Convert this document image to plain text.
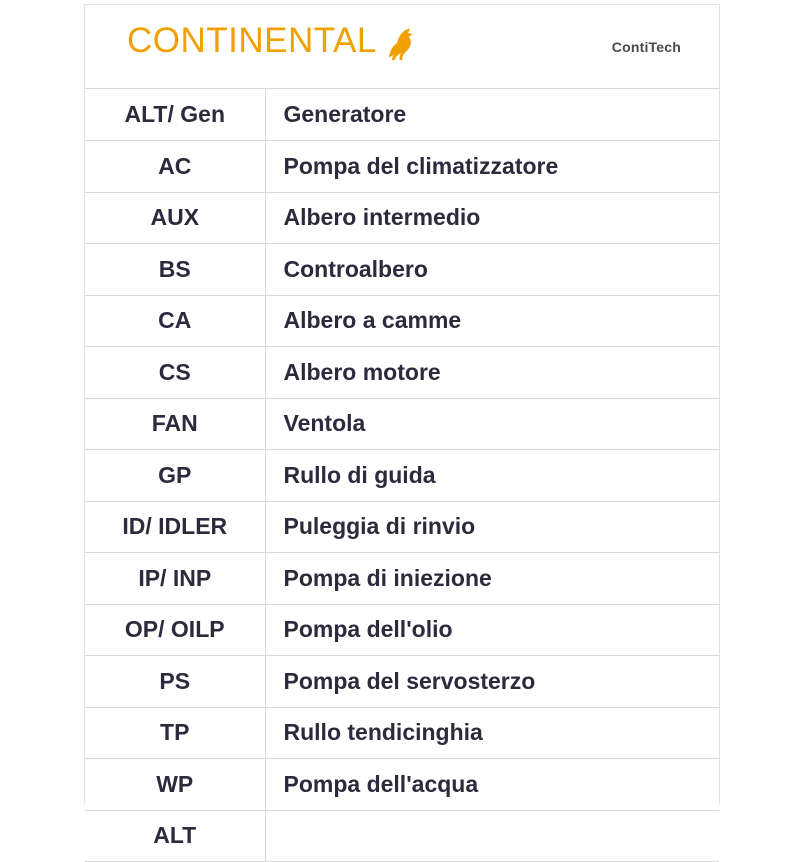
CONTINENTAL	ContiTech
ALT/ Gen	Generatore
AC	Pompa del climatizzatore
AUX	Albero intermedio
BS	Controalbero
CA	Albero a camme
CS	Albero motore
FAN	Ventola
GP	Rullo di guida
ID/ IDLER	Puleggia di rinvio
IP/ INP	Pompa di iniezione
OP/ OILP	Pompa dell'olio
PS	Pompa del servosterzo
TP	Rullo tendicinghia
WP	Pompa dell'acqua
ALT	
